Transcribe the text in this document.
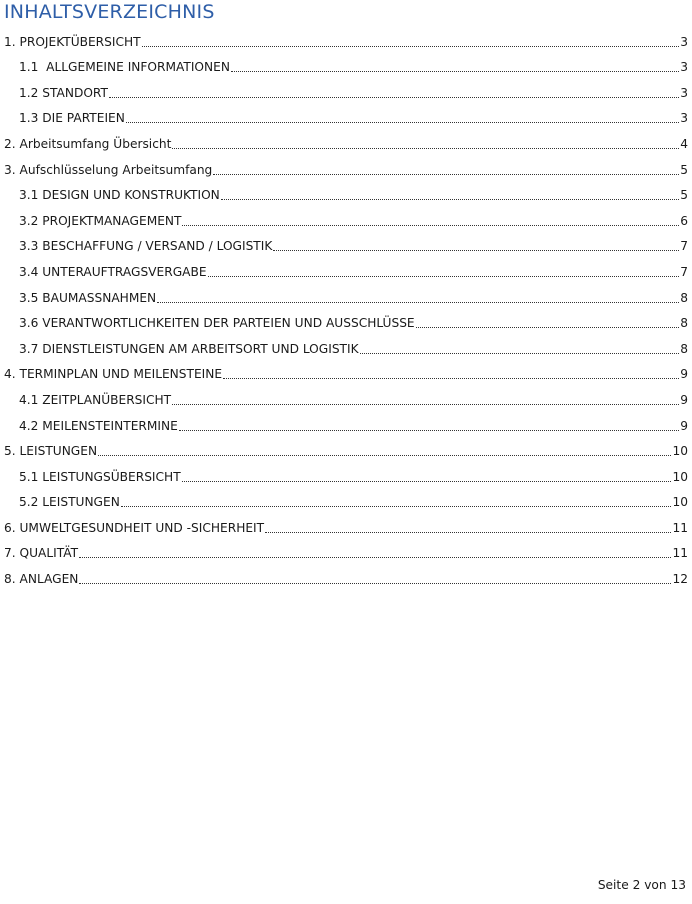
INHALTSVERZEICHNIS
1. PROJEKTÜBERSICHT	3
1.1  ALLGEMEINE INFORMATIONEN	3
1.2 STANDORT	3
1.3 DIE PARTEIEN	3
2. Arbeitsumfang Übersicht	4
3. Aufschlüsselung Arbeitsumfang	5
3.1 DESIGN UND KONSTRUKTION	5
3.2 PROJEKTMANAGEMENT	6
3.3 BESCHAFFUNG / VERSAND / LOGISTIK	7
3.4 UNTERAUFTRAGSVERGABE	7
3.5 BAUMASSNAHMEN	8
3.6 VERANTWORTLICHKEITEN DER PARTEIEN UND AUSSCHLÜSSE	8
3.7 DIENSTLEISTUNGEN AM ARBEITSORT UND LOGISTIK	8
4. TERMINPLAN UND MEILENSTEINE	9
4.1 ZEITPLANÜBERSICHT	9
4.2 MEILENSTEINTERMINE	9
5. LEISTUNGEN	10
5.1 LEISTUNGSÜBERSICHT	10
5.2 LEISTUNGEN	10
6. UMWELTGESUNDHEIT UND -SICHERHEIT	11
7. QUALITÄT	11
8. ANLAGEN	12
Seite 2 von 13
